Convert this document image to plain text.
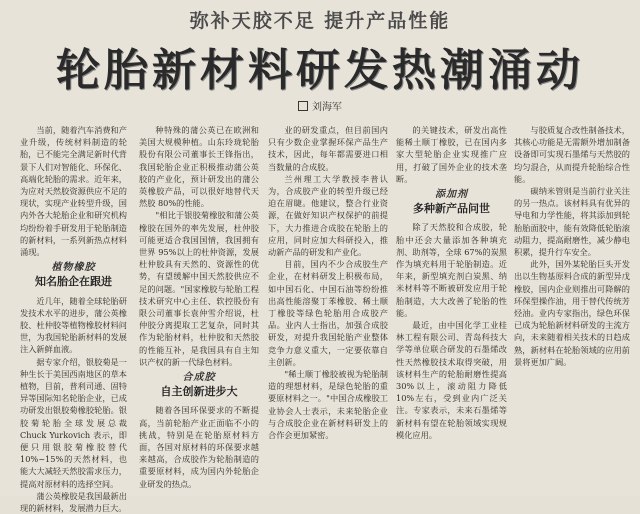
弥补天胶不足 提升产品性能
轮胎新材料研发热潮涌动
刘海军

当前，随着汽车消费和产业升级，传统材料制造的轮胎，已不能完全满足新时代背景下人们对智能化、环保化、高端化轮胎的需求。近年来，为应对天然胶资源供应不足的现状，实现产业转型升级，国内外各大轮胎企业和研究机构均纷纷着手研发用于轮胎制造的新材料，一系列新热点材料涌现。

植物橡胶
知名胎企在跟进

近几年，随着全球轮胎研发技术水平的进步，蒲公英橡胶、杜仲胶等植物橡胶材料问世，为我国轮胎新材料的发展注入新鲜血液。

据专家介绍，银胶菊是一种生长于美国西南地区的草本植物，目前，普利司通、固特异等国际知名轮胎企业，已成功研发出银胶菊橡胶轮胎。银胶菊轮胎全球发展总裁 Chuck Yurkovich 表示，即便只用银胶菊橡胶替代 10%~15%的天然材料，也能大大减轻天然胶需求压力，提高对原材料的选择空间。

蒲公英橡胶是我国最新出现的新材料，发展潜力巨大。

种特殊的蒲公英已在欧洲和美国大规模种植。山东玲珑轮胎股份有限公司董事长王锋指出，我国轮胎企业正积极推动蒲公英胶的产业化，预计研发出的蒲公英橡胶产品，可以很好地替代天然胶 80%的性能。

"相比于银胶菊橡胶和蒲公英橡胶在国外的率先发展，杜仲胶可能更适合我国国情，我国拥有世界 95%以上的杜仲资源，发展杜仲胶具有天然的、资源性的优势，有望缓解中国天然胶供应不足的问题。"国家橡胶与轮胎工程技术研究中心主任、软控股份有限公司董事长袁仲雪介绍说，杜仲胶分离提取工艺复杂，同时其作为轮胎材料，杜仲胶和天然胶的性能互补，是我国具有自主知识产权的新一代绿色材料。

合成胶
自主创新进步大

随着各国环保要求的不断提高，当前轮胎产业正面临不小的挑战，特别是在轮胎原材料方面，各国对原材料的环保要求越来越高，合成胶作为轮胎制造的重要原材料，成为国内外轮胎企业研发的热点。

业的研发重点，但目前国内只有少数企业掌握环保产品生产技术，因此，每年都需要进口相当数量的合成胶。

兰州理工大学教授李普认为，合成胶产业的转型升级已经迫在眉睫。他建议，整合行业资源，在做好知识产权保护的前提下，大力推进合成胶在轮胎上的应用，同时应加大科研投入，推动新产品的研发和产业化。

目前，国内不少合成胶生产企业，在材料研发上积极布局，如中国石化、中国石油等纷纷推出高性能溶聚丁苯橡胶、稀土顺丁橡胶等绿色轮胎用合成胶产品。业内人士指出，加强合成胶研发，对提升我国轮胎产业整体竞争力意义重大，一定要依靠自主创新。

"稀土顺丁橡胶被视为轮胎制造的理想材料，是绿色轮胎的重要原材料之一。"中国合成橡胶工业协会人士表示，未来轮胎企业与合成胶企业在新材料研发上的合作会更加紧密。

的关键技术，研发出高性能稀土顺丁橡胶，已在国内多家大型轮胎企业实现推广应用，打破了国外企业的技术垄断。

添加剂
多种新产品问世

除了天然胶和合成胶，轮胎中还会大量添加各种填充剂、助剂等，全球 67%的炭黑作为填充料用于轮胎制造。近年来，新型填充剂白炭黑、纳米材料等不断被研发应用于轮胎制造，大大改善了轮胎的性能。

最近，由中国化学工业桂林工程有限公司、青岛科技大学等单位联合研发的石墨烯改性天然橡胶技术取得突破，用该材料生产的轮胎耐磨性提高 30%以上，滚动阻力降低 10%左右，受到业内广泛关注。专家表示，未来石墨烯等新材料有望在轮胎领域实现规模化应用。

与胶质复合改性制备技术，其核心功能是无需额外增加制备设备即可实现石墨烯与天然胶的均匀混合，从而提升轮胎综合性能。

碳纳米管则是当前行业关注的另一热点。该材料具有优异的导电和力学性能，将其添加到轮胎胎面胶中，能有效降低轮胎滚动阻力，提高耐磨性，减少静电积累，提升行车安全。

此外，国外某轮胎巨头开发出以生物基原料合成的新型异戊橡胶，国内企业则推出可降解的环保型操作油，用于替代传统芳烃油。业内专家指出，绿色环保已成为轮胎新材料研发的主流方向，未来随着相关技术的日趋成熟，新材料在轮胎领域的应用前景将更加广阔。
